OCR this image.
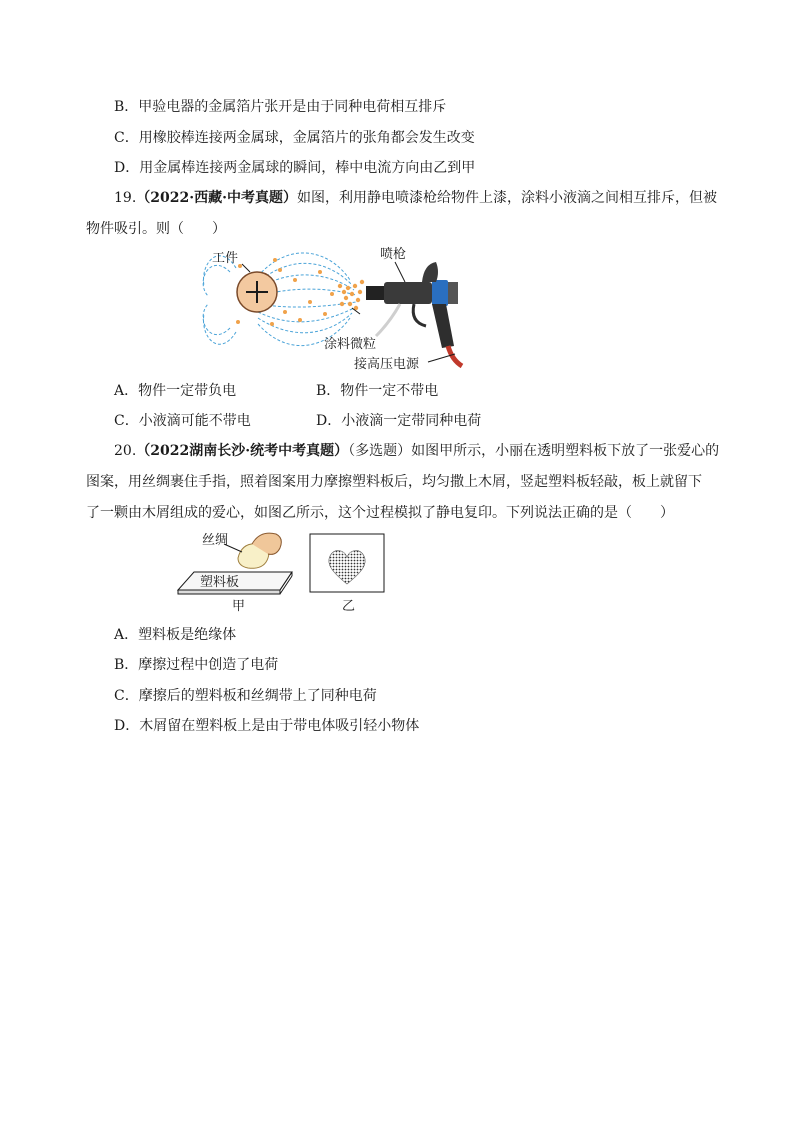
B．甲验电器的金属箔片张开是由于同种电荷相互排斥
C．用橡胶棒连接两金属球，金属箔片的张角都会发生改变
D．用金属棒连接两金属球的瞬间，棒中电流方向由乙到甲
19.（2022·西藏·中考真题）如图，利用静电喷漆枪给物件上漆，涂料小液滴之间相互排斥，但被
物件吸引。则（　　）
工件	喷枪
涂料微粒
接高压电源
A．物件一定带负电	B．物件一定不带电
C．小液滴可能不带电	D．小液滴一定带同种电荷
20.（2022湖南长沙·统考中考真题）（多选题）如图甲所示，小丽在透明塑料板下放了一张爱心的
图案，用丝绸裹住手指，照着图案用力摩擦塑料板后，均匀撒上木屑，竖起塑料板轻敲，板上就留下
了一颗由木屑组成的爱心，如图乙所示，这个过程模拟了静电复印。下列说法正确的是（　　）
丝绸
塑料板
甲	乙
A．塑料板是绝缘体
B．摩擦过程中创造了电荷
C．摩擦后的塑料板和丝绸带上了同种电荷
D．木屑留在塑料板上是由于带电体吸引轻小物体
